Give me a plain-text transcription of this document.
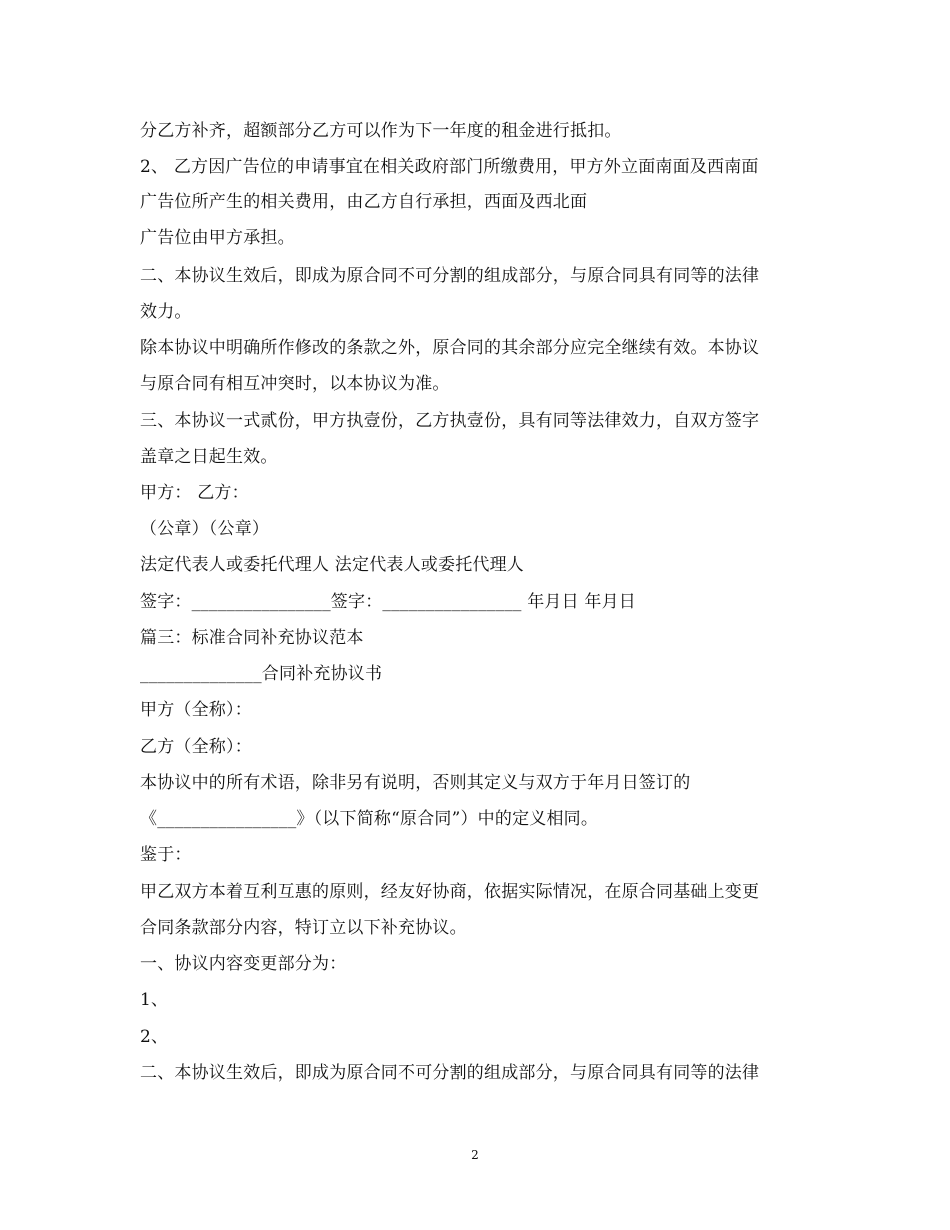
分乙方补齐，超额部分乙方可以作为下一年度的租金进行抵扣。
2、 乙方因广告位的申请事宜在相关政府部门所缴费用，甲方外立面南面及西南面
广告位所产生的相关费用，由乙方自行承担，西面及西北面
广告位由甲方承担。
二、本协议生效后，即成为原合同不可分割的组成部分，与原合同具有同等的法律
效力。
除本协议中明确所作修改的条款之外，原合同的其余部分应完全继续有效。本协议
与原合同有相互冲突时，以本协议为准。
三、本协议一式贰份，甲方执壹份，乙方执壹份，具有同等法律效力，自双方签字
盖章之日起生效。
甲方： 乙方：
（公章）（公章）
法定代表人或委托代理人 法定代表人或委托代理人
签字：________________签字：________________ 年月日 年月日
篇三：标准合同补充协议范本
______________合同补充协议书
甲方（全称）：
乙方（全称）：
本协议中的所有术语，除非另有说明，否则其定义与双方于年月日签订的
《________________》（以下简称“原合同”）中的定义相同。
鉴于：
甲乙双方本着互利互惠的原则，经友好协商，依据实际情况，在原合同基础上变更
合同条款部分内容，特订立以下补充协议。
一、协议内容变更部分为：
1、
2、
二、本协议生效后，即成为原合同不可分割的组成部分，与原合同具有同等的法律
2
